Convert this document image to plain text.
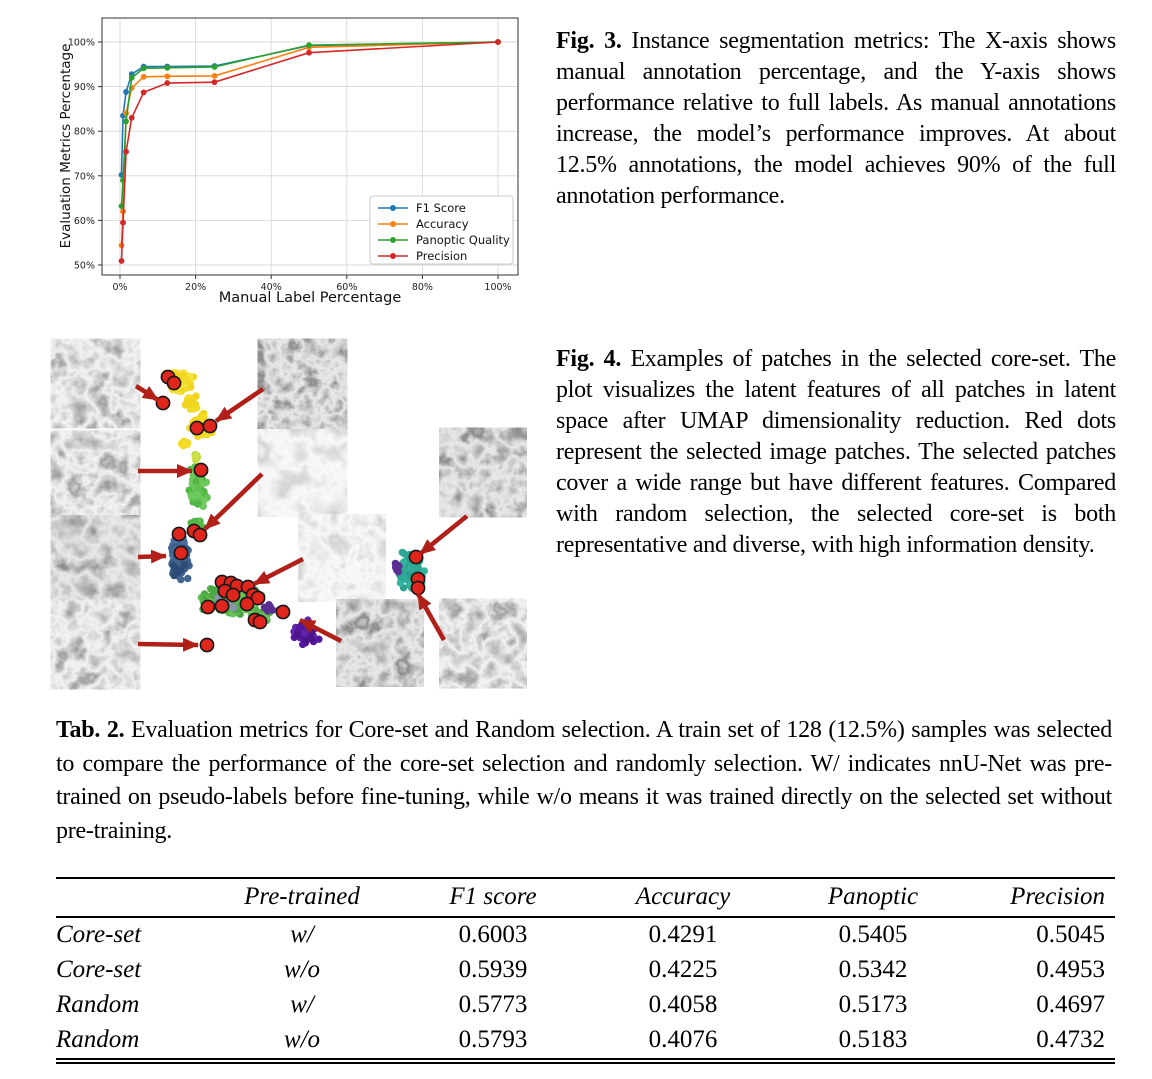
0%	20%	40%	60%	80%	100%
50%
60%
70%
80%
90%
100%
Manual Label Percentage
Evaluation Metrics Percentage	F1 Score
Accuracy
Panoptic Quality
Precision
Fig. 3. Instance segmentation metrics: The X-axis shows manual annotation percentage, and the Y-axis shows performance relative to full labels. As manual annotations increase, the model’s performance improves. At about 12.5% annotations, the model achieves 90% of the full annotation performance.
Fig. 4. Examples of patches in the selected core-set. The plot visualizes the latent features of all patches in latent space after UMAP dimensionality reduction. Red dots represent the selected image patches. The selected patches cover a wide range but have different features. Compared with random selection, the selected core-set is both representative and diverse, with high information density.
Tab. 2. Evaluation metrics for Core-set and Random selection. A train set of 128 (12.5%) samples was selected to compare the performance of the core-set selection and randomly selection. W/ indicates nnU-Net was pre-trained on pseudo-labels before fine-tuning, while w/o means it was trained directly on the selected set without pre-training.
	Pre-trained	F1 score	Accuracy	Panoptic	Precision
Core-set	w/	0.6003	0.4291	0.5405	0.5045
Core-set	w/o	0.5939	0.4225	0.5342	0.4953
Random	w/	0.5773	0.4058	0.5173	0.4697
Random	w/o	0.5793	0.4076	0.5183	0.4732
